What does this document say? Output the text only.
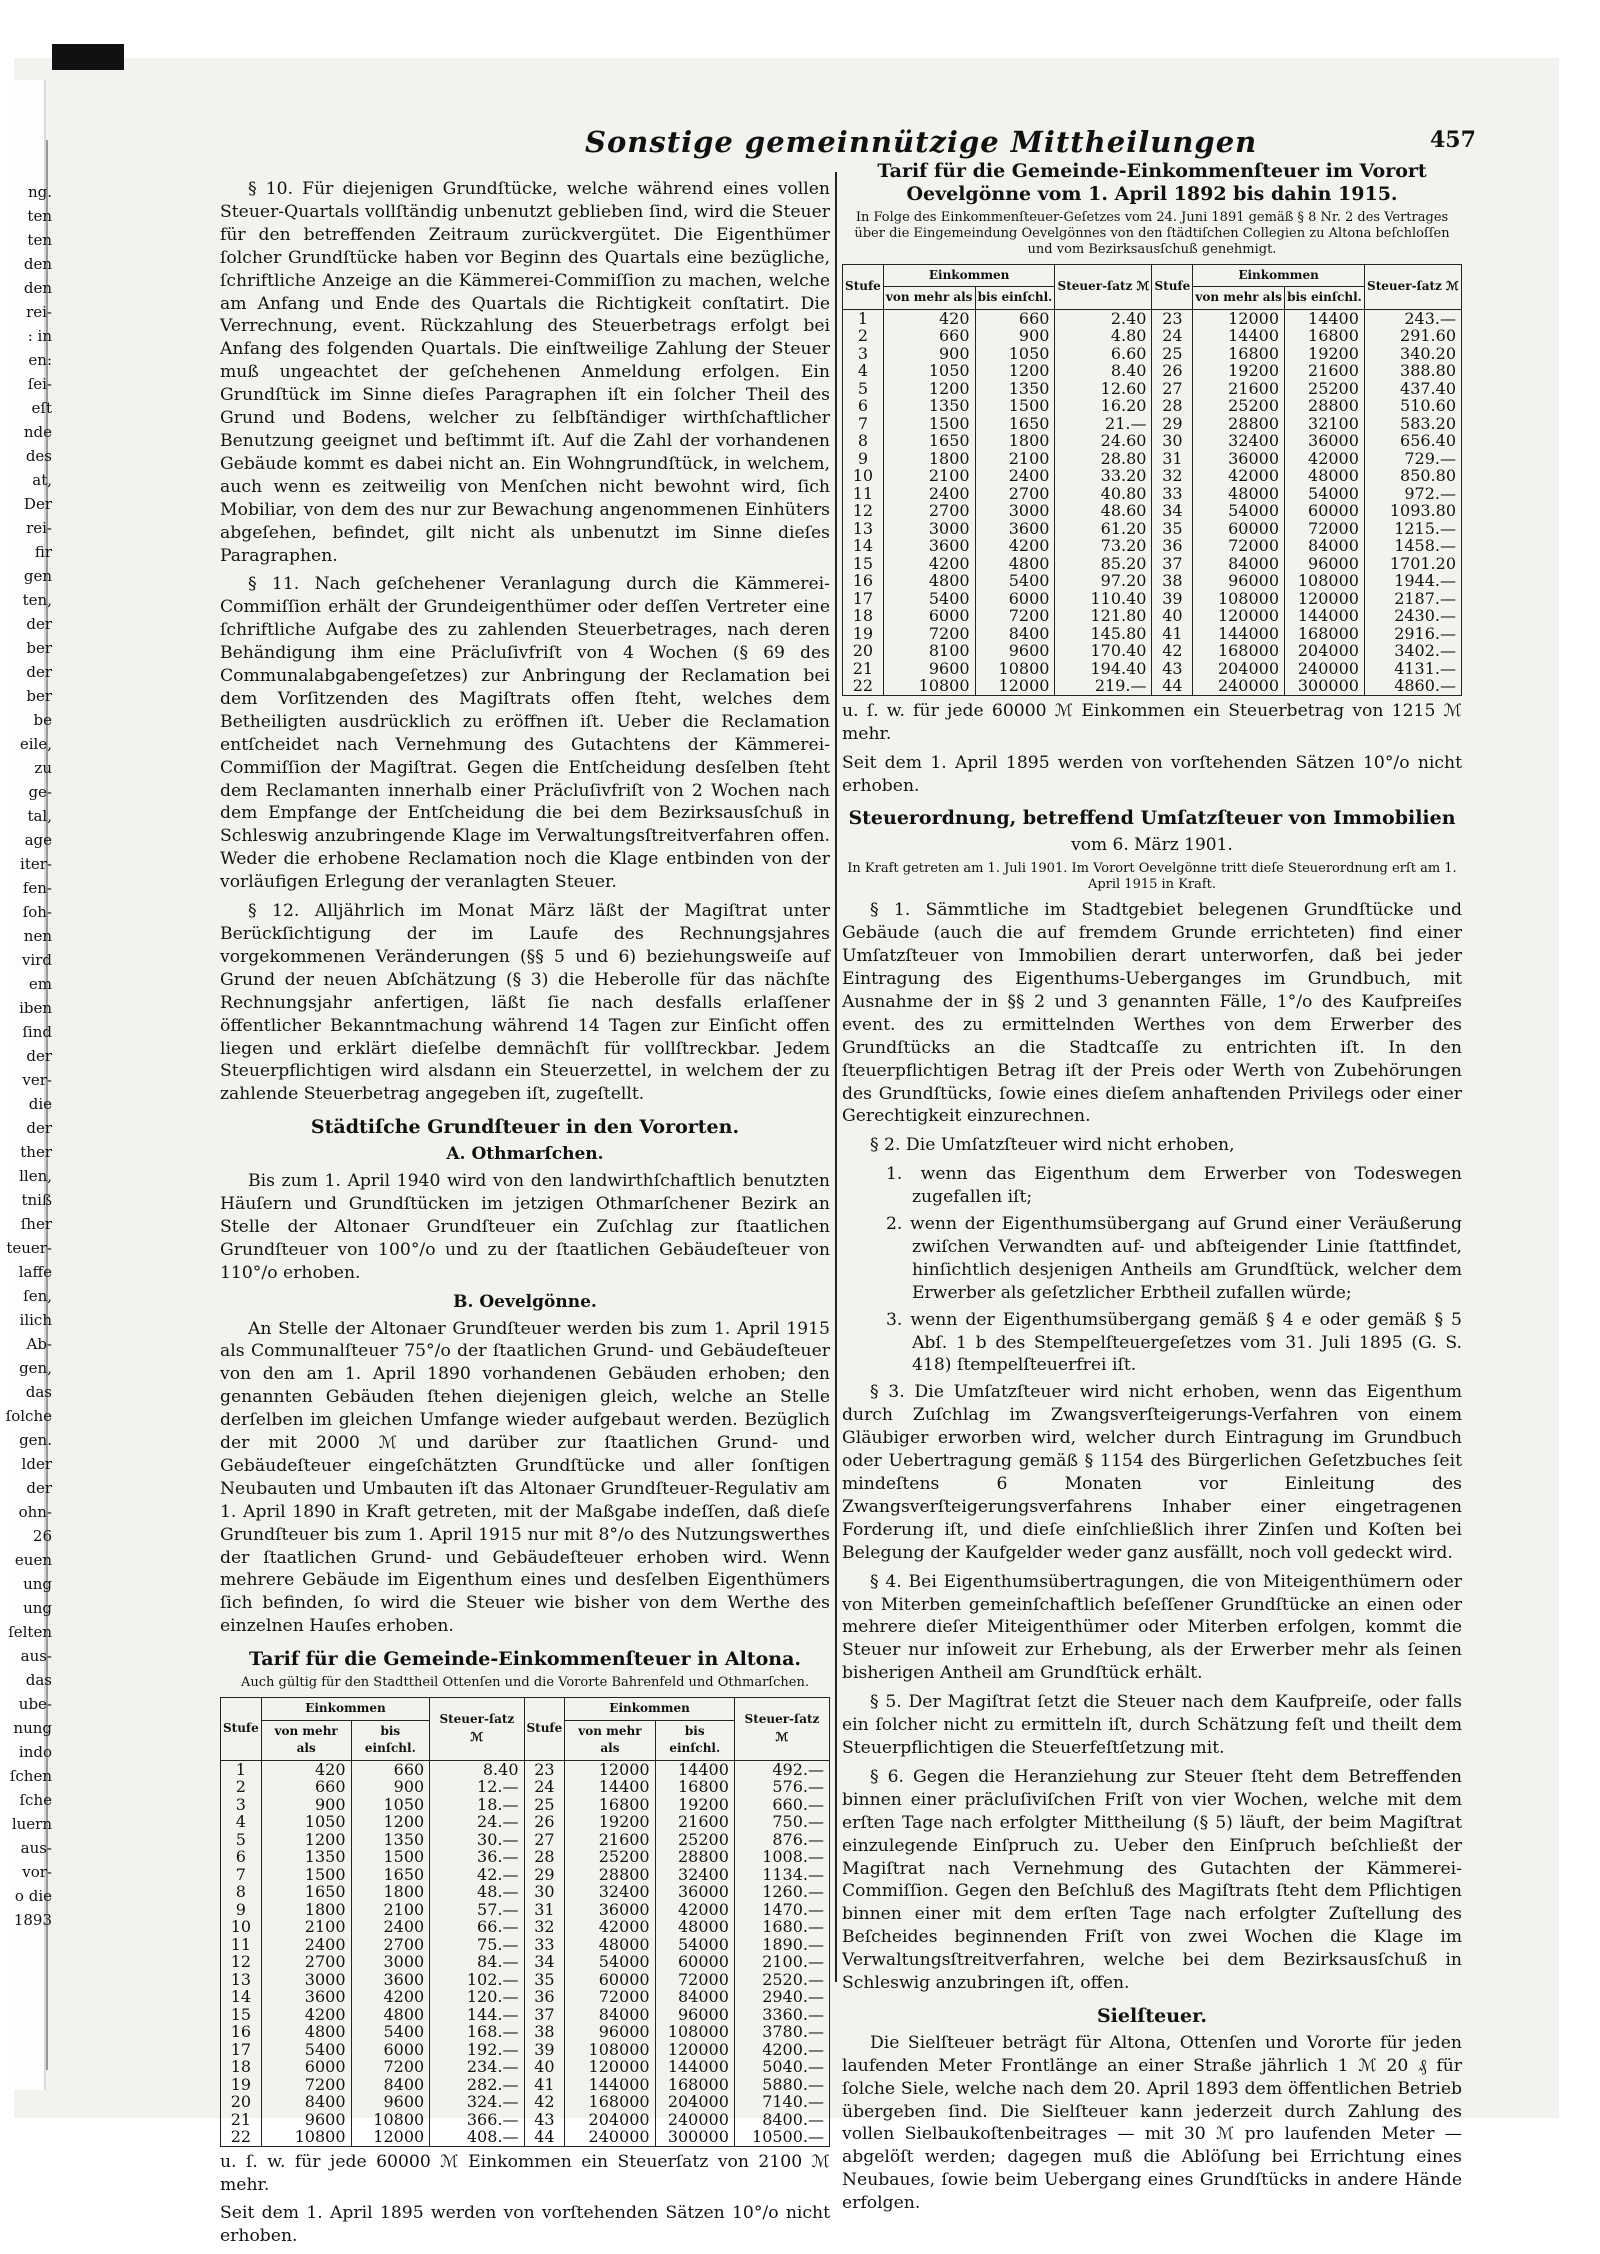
ng.
ten
ten
den
den
rei-
: in
en:
ſei-
eſt
nde
des
at,
Der
rei-
fir
gen
ten,
der
ber
der
ber
be
eile,
zu
ge-
tal,
age
iter-
fen-
ſoh-
nen
vird
em
iben
ſind
der
ver-
die
der
ther
llen,
tniß
ſher
teuer-
laffe
ſen,
ilich
Ab-
gen,
das
ſolche
gen.
lder
der
ohn-
26
euen
ung
ung
ſelten
aus-
das
ube-
nung
indo
ſchen
ſche
luern
aus-
vor-
o die
1893
Sonstige gemeinnützige Mittheilungen	457

§ 10. Für diejenigen Grundſtücke, welche während eines vollen Steuer-Quartals vollſtändig unbenutzt geblieben ſind, wird die Steuer für den betreffenden Zeitraum zurückvergütet. Die Eigenthümer ſolcher Grundſtücke haben vor Beginn des Quartals eine bezügliche, ſchriftliche Anzeige an die Kämmerei-Commiſſion zu machen, welche am Anfang und Ende des Quartals die Richtigkeit conſtatirt. Die Verrechnung, event. Rückzahlung des Steuerbetrags erfolgt bei Anfang des folgenden Quartals. Die einſtweilige Zahlung der Steuer muß ungeachtet der geſchehenen Anmeldung erfolgen. Ein Grundſtück im Sinne dieſes Paragraphen iſt ein ſolcher Theil des Grund und Bodens, welcher zu ſelbſtändiger wirthſchaftlicher Benutzung geeignet und beſtimmt iſt. Auf die Zahl der vorhandenen Gebäude kommt es dabei nicht an. Ein Wohngrundſtück, in welchem, auch wenn es zeitweilig von Menſchen nicht bewohnt wird, ſich Mobiliar, von dem des nur zur Bewachung angenommenen Einhüters abgeſehen, befindet, gilt nicht als unbenutzt im Sinne dieſes Paragraphen.

§ 11. Nach geſchehener Veranlagung durch die Kämmerei-Commiſſion erhält der Grundeigenthümer oder deſſen Vertreter eine ſchriftliche Aufgabe des zu zahlenden Steuerbetrages, nach deren Behändigung ihm eine Präcluſivfriſt von 4 Wochen (§ 69 des Communalabgabengeſetzes) zur Anbringung der Reclamation bei dem Vorſitzenden des Magiſtrats offen ſteht, welches dem Betheiligten ausdrücklich zu eröffnen iſt. Ueber die Reclamation entſcheidet nach Vernehmung des Gutachtens der Kämmerei-Commiſſion der Magiſtrat. Gegen die Entſcheidung desſelben ſteht dem Reclamanten innerhalb einer Präcluſivfriſt von 2 Wochen nach dem Empfange der Entſcheidung die bei dem Bezirksausſchuß in Schleswig anzubringende Klage im Verwaltungsſtreitverfahren offen. Weder die erhobene Reclamation noch die Klage entbinden von der vorläufigen Erlegung der veranlagten Steuer.

§ 12. Alljährlich im Monat März läßt der Magiſtrat unter Berückſichtigung der im Laufe des Rechnungsjahres vorgekommenen Veränderungen (§§ 5 und 6) beziehungsweiſe auf Grund der neuen Abſchätzung (§ 3) die Heberolle für das nächſte Rechnungsjahr anfertigen, läßt ſie nach desfalls erlaſſener öffentlicher Bekanntmachung während 14 Tagen zur Einſicht offen liegen und erklärt dieſelbe demnächſt für vollſtreckbar. Jedem Steuerpflichtigen wird alsdann ein Steuerzettel, in welchem der zu zahlende Steuerbetrag angegeben iſt, zugeſtellt.

Städtiſche Grundſteuer in den Vororten.
A. Othmarſchen.

Bis zum 1. April 1940 wird von den landwirthſchaftlich benutzten Häuſern und Grundſtücken im jetzigen Othmarſchener Bezirk an Stelle der Altonaer Grundſteuer ein Zuſchlag zur ſtaatlichen Grundſteuer von 100°/o und zu der ſtaatlichen Gebäudeſteuer von 110°/o erhoben.

B. Oevelgönne.

An Stelle der Altonaer Grundſteuer werden bis zum 1. April 1915 als Communalſteuer 75°/o der ſtaatlichen Grund- und Gebäudeſteuer von den am 1. April 1890 vorhandenen Gebäuden erhoben; den genannten Gebäuden ſtehen diejenigen gleich, welche an Stelle derſelben im gleichen Umfange wieder aufgebaut werden. Bezüglich der mit 2000 ℳ und darüber zur ſtaatlichen Grund- und Gebäudeſteuer eingeſchätzten Grundſtücke und aller ſonſtigen Neubauten und Umbauten iſt das Altonaer Grundſteuer-Regulativ am 1. April 1890 in Kraft getreten, mit der Maßgabe indeſſen, daß dieſe Grundſteuer bis zum 1. April 1915 nur mit 8°/o des Nutzungswerthes der ſtaatlichen Grund- und Gebäudeſteuer erhoben wird. Wenn mehrere Gebäude im Eigenthum eines und desſelben Eigenthümers ſich befinden, ſo wird die Steuer wie bisher von dem Werthe des einzelnen Hauſes erhoben.

Tarif für die Gemeinde-Einkommenſteuer in Altona.
Auch gültig für den Stadttheil Ottenſen und die Vororte Bahrenfeld und Othmarſchen.
Stufe	Einkommen		Steuer-ſatz ℳ	Stufe	Einkommen		Steuer-ſatz ℳ
	von mehr als	bis einſchl.			von mehr als	bis einſchl.	
1	420	660	8.40	23	12000	14400	492.—
2	660	900	12.—	24	14400	16800	576.—
3	900	1050	18.—	25	16800	19200	660.—
4	1050	1200	24.—	26	19200	21600	750.—
5	1200	1350	30.—	27	21600	25200	876.—
6	1350	1500	36.—	28	25200	28800	1008.—
7	1500	1650	42.—	29	28800	32400	1134.—
8	1650	1800	48.—	30	32400	36000	1260.—
9	1800	2100	57.—	31	36000	42000	1470.—
10	2100	2400	66.—	32	42000	48000	1680.—
11	2400	2700	75.—	33	48000	54000	1890.—
12	2700	3000	84.—	34	54000	60000	2100.—
13	3000	3600	102.—	35	60000	72000	2520.—
14	3600	4200	120.—	36	72000	84000	2940.—
15	4200	4800	144.—	37	84000	96000	3360.—
16	4800	5400	168.—	38	96000	108000	3780.—
17	5400	6000	192.—	39	108000	120000	4200.—
18	6000	7200	234.—	40	120000	144000	5040.—
19	7200	8400	282.—	41	144000	168000	5880.—
20	8400	9600	324.—	42	168000	204000	7140.—
21	9600	10800	366.—	43	204000	240000	8400.—
22	10800	12000	408.—	44	240000	300000	10500.—

u. ſ. w. für jede 60000 ℳ Einkommen ein Steuerſatz von 2100 ℳ mehr.

Seit dem 1. April 1895 werden von vorſtehenden Sätzen 10°/o nicht erhoben.

Tarif für die Gemeinde-Einkommenſteuer im Vorort Oevelgönne vom 1. April 1892 bis dahin 1915.
In Folge des Einkommenſteuer-Geſetzes vom 24. Juni 1891 gemäß § 8 Nr. 2 des Vertrages über die Eingemeindung Oevelgönnes von den ſtädtiſchen Collegien zu Altona beſchloſſen und vom Bezirksausſchuß genehmigt.
Stufe	Einkommen		Steuer-ſatz ℳ	Stufe	Einkommen		Steuer-ſatz ℳ
	von mehr als	bis einſchl.			von mehr als	bis einſchl.	
1	420	660	2.40	23	12000	14400	243.—
2	660	900	4.80	24	14400	16800	291.60
3	900	1050	6.60	25	16800	19200	340.20
4	1050	1200	8.40	26	19200	21600	388.80
5	1200	1350	12.60	27	21600	25200	437.40
6	1350	1500	16.20	28	25200	28800	510.60
7	1500	1650	21.—	29	28800	32100	583.20
8	1650	1800	24.60	30	32400	36000	656.40
9	1800	2100	28.80	31	36000	42000	729.—
10	2100	2400	33.20	32	42000	48000	850.80
11	2400	2700	40.80	33	48000	54000	972.—
12	2700	3000	48.60	34	54000	60000	1093.80
13	3000	3600	61.20	35	60000	72000	1215.—
14	3600	4200	73.20	36	72000	84000	1458.—
15	4200	4800	85.20	37	84000	96000	1701.20
16	4800	5400	97.20	38	96000	108000	1944.—
17	5400	6000	110.40	39	108000	120000	2187.—
18	6000	7200	121.80	40	120000	144000	2430.—
19	7200	8400	145.80	41	144000	168000	2916.—
20	8100	9600	170.40	42	168000	204000	3402.—
21	9600	10800	194.40	43	204000	240000	4131.—
22	10800	12000	219.—	44	240000	300000	4860.—

u. ſ. w. für jede 60000 ℳ Einkommen ein Steuerbetrag von 1215 ℳ mehr.

Seit dem 1. April 1895 werden von vorſtehenden Sätzen 10°/o nicht erhoben.

Steuerordnung, betreffend Umſatzſteuer von Immobilien
vom 6. März 1901.
In Kraft getreten am 1. Juli 1901. Im Vorort Oevelgönne tritt dieſe Steuerordnung erſt am 1. April 1915 in Kraft.

§ 1. Sämmtliche im Stadtgebiet belegenen Grundſtücke und Gebäude (auch die auf fremdem Grunde errichteten) find einer Umſatzſteuer von Immobilien derart unterworfen, daß bei jeder Eintragung des Eigenthums-Ueberganges im Grundbuch, mit Ausnahme der in §§ 2 und 3 genannten Fälle, 1°/o des Kaufpreiſes event. des zu ermittelnden Werthes von dem Erwerber des Grundſtücks an die Stadtcaſſe zu entrichten iſt. In den ſteuerpflichtigen Betrag iſt der Preis oder Werth von Zubehörungen des Grundſtücks, ſowie eines dieſem anhaftenden Privilegs oder einer Gerechtigkeit einzurechnen.

§ 2. Die Umſatzſteuer wird nicht erhoben,

1. wenn das Eigenthum dem Erwerber von Todeswegen zugefallen iſt;
2. wenn der Eigenthumsübergang auf Grund einer Veräußerung zwiſchen Verwandten auf- und abſteigender Linie ſtattfindet, hinſichtlich desjenigen Antheils am Grundſtück, welcher dem Erwerber als geſetzlicher Erbtheil zufallen würde;
3. wenn der Eigenthumsübergang gemäß § 4 e oder gemäß § 5 Abſ. 1 b des Stempelſteuergeſetzes vom 31. Juli 1895 (G. S. 418) ſtempelſteuerfrei iſt.

§ 3. Die Umſatzſteuer wird nicht erhoben, wenn das Eigenthum durch Zuſchlag im Zwangsverſteigerungs-Verfahren von einem Gläubiger erworben wird, welcher durch Eintragung im Grundbuch oder Uebertragung gemäß § 1154 des Bürgerlichen Geſetzbuches ſeit mindeſtens 6 Monaten vor Einleitung des Zwangsverſteigerungsverfahrens Inhaber einer eingetragenen Forderung iſt, und dieſe einſchließlich ihrer Zinſen und Koſten bei Belegung der Kaufgelder weder ganz ausfällt, noch voll gedeckt wird.

§ 4. Bei Eigenthumsübertragungen, die von Miteigenthümern oder von Miterben gemeinſchaftlich beſeſſener Grundſtücke an einen oder mehrere dieſer Miteigenthümer oder Miterben erfolgen, kommt die Steuer nur inſoweit zur Erhebung, als der Erwerber mehr als ſeinen bisherigen Antheil am Grundſtück erhält.

§ 5. Der Magiſtrat ſetzt die Steuer nach dem Kaufpreiſe, oder falls ein ſolcher nicht zu ermitteln iſt, durch Schätzung feſt und theilt dem Steuerpflichtigen die Steuerfeſtſetzung mit.

§ 6. Gegen die Heranziehung zur Steuer ſteht dem Betreffenden binnen einer präcluſiviſchen Friſt von vier Wochen, welche mit dem erſten Tage nach erfolgter Mittheilung (§ 5) läuft, der beim Magiſtrat einzulegende Einſpruch zu. Ueber den Einſpruch beſchließt der Magiſtrat nach Vernehmung des Gutachten der Kämmerei-Commiſſion. Gegen den Beſchluß des Magiſtrats ſteht dem Pflichtigen binnen einer mit dem erſten Tage nach erfolgter Zuſtellung des Beſcheides beginnenden Friſt von zwei Wochen die Klage im Verwaltungsſtreitverfahren, welche bei dem Bezirksausſchuß in Schleswig anzubringen iſt, offen.

Sielſteuer.

Die Sielſteuer beträgt für Altona, Ottenſen und Vororte für jeden laufenden Meter Frontlänge an einer Straße jährlich 1 ℳ 20 ₰ für ſolche Siele, welche nach dem 20. April 1893 dem öffentlichen Betrieb übergeben ſind. Die Sielſteuer kann jederzeit durch Zahlung des vollen Sielbaukoſtenbeitrages — mit 30 ℳ pro laufenden Meter — abgelöſt werden; dagegen muß die Ablöſung bei Errichtung eines Neubaues, ſowie beim Uebergang eines Grundſtücks in andere Hände erfolgen.
